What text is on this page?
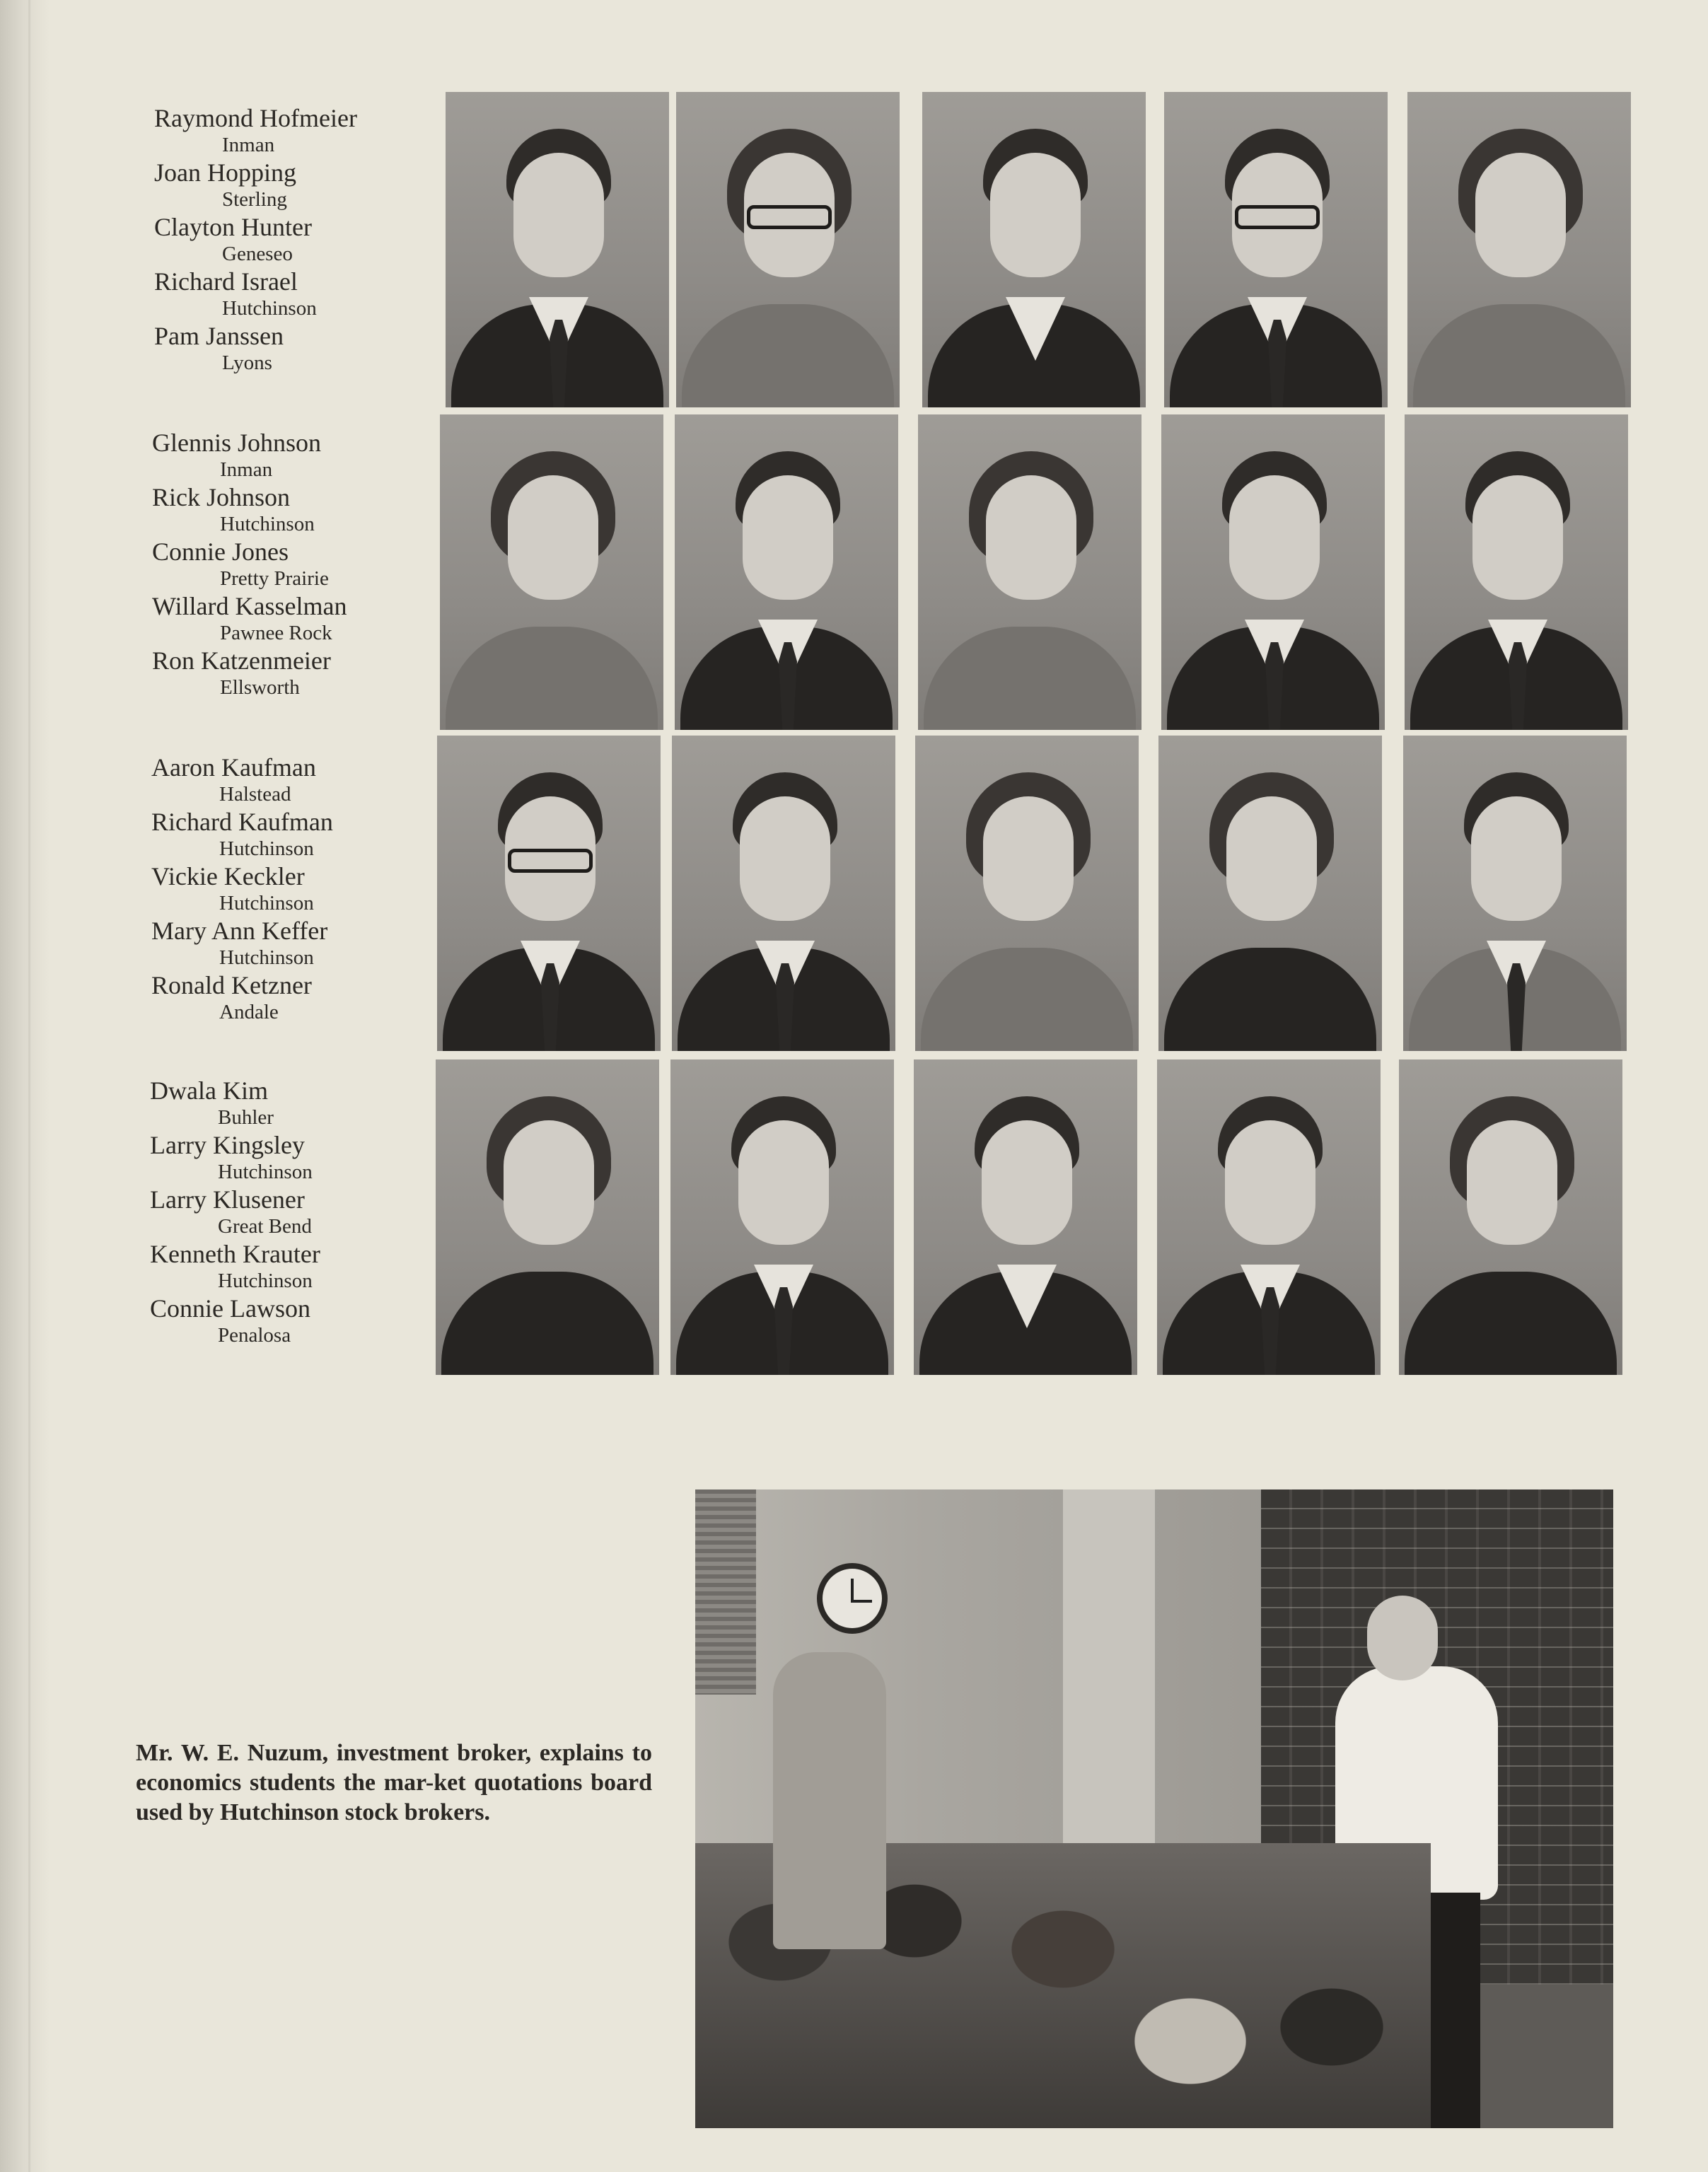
Raymond Hofmeier
Inman
Joan Hopping
Sterling
Clayton Hunter
Geneseo
Richard Israel
Hutchinson
Pam Janssen
Lyons
Glennis Johnson
Inman
Rick Johnson
Hutchinson
Connie Jones
Pretty Prairie
Willard Kasselman
Pawnee Rock
Ron Katzenmeier
Ellsworth
Aaron Kaufman
Halstead
Richard Kaufman
Hutchinson
Vickie Keckler
Hutchinson
Mary Ann Keffer
Hutchinson
Ronald Ketzner
Andale
Dwala Kim
Buhler
Larry Kingsley
Hutchinson
Larry Klusener
Great Bend
Kenneth Krauter
Hutchinson
Connie Lawson
Penalosa
Mr. W. E. Nuzum, investment broker, explains to economics students the mar-ket quotations board used by Hutchinson stock brokers.
